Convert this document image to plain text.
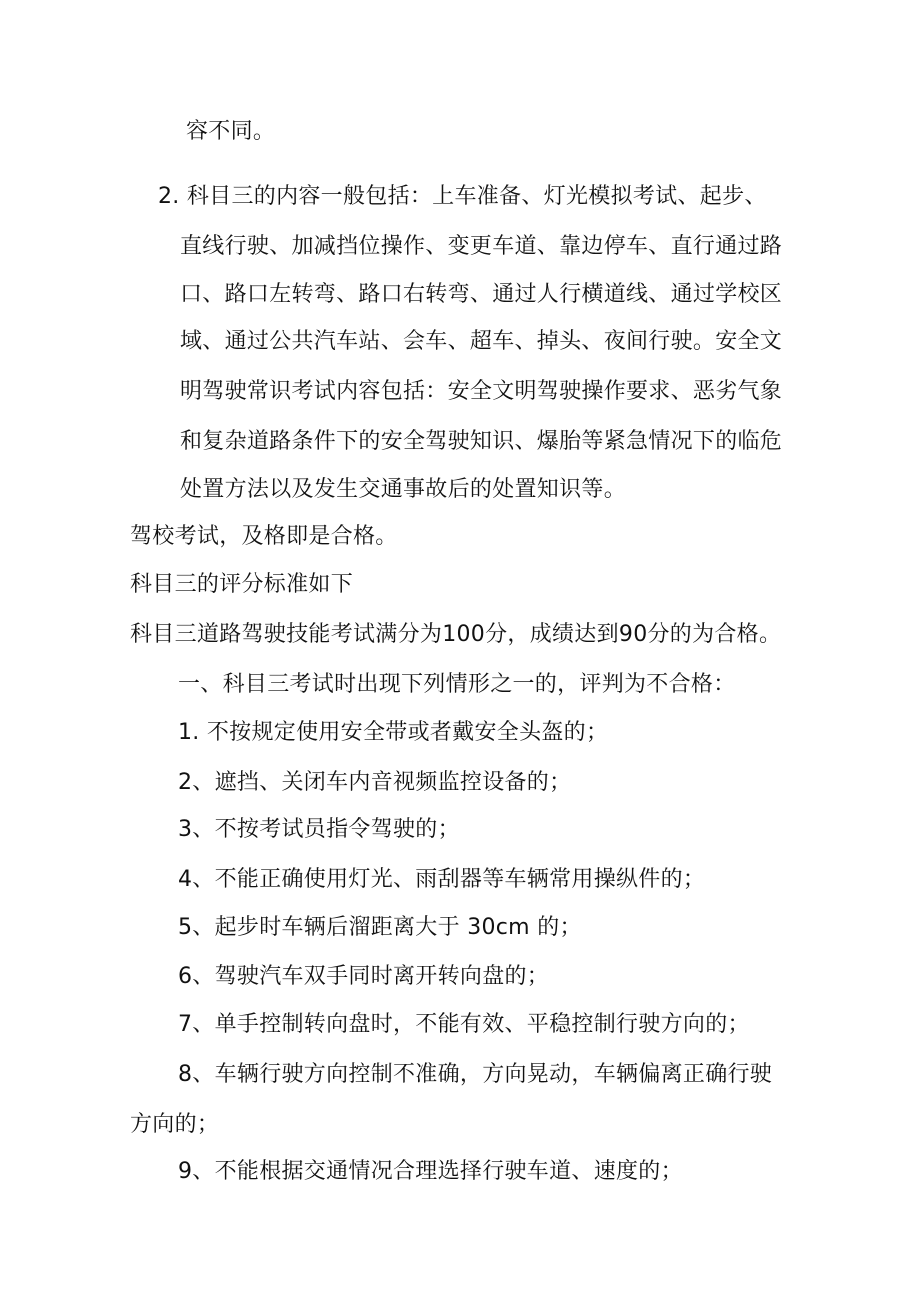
容不同。
2. 科目三的内容一般包括：上车准备、灯光模拟考试、起步、
直线行驶、加减挡位操作、变更车道、靠边停车、直行通过路
口、路口左转弯、路口右转弯、通过人行横道线、通过学校区
域、通过公共汽车站、会车、超车、掉头、夜间行驶。安全文
明驾驶常识考试内容包括：安全文明驾驶操作要求、恶劣气象
和复杂道路条件下的安全驾驶知识、爆胎等紧急情况下的临危
处置方法以及发生交通事故后的处置知识等。
驾校考试，及格即是合格。
科目三的评分标准如下
科目三道路驾驶技能考试满分为100分，成绩达到90分的为合格。
一、科目三考试时出现下列情形之一的，评判为不合格：
1. 不按规定使用安全带或者戴安全头盔的；
2、遮挡、关闭车内音视频监控设备的；
3、不按考试员指令驾驶的；
4、不能正确使用灯光、雨刮器等车辆常用操纵件的；
5、起步时车辆后溜距离大于 30cm 的；
6、驾驶汽车双手同时离开转向盘的；
7、单手控制转向盘时，不能有效、平稳控制行驶方向的；
8、车辆行驶方向控制不准确，方向晃动，车辆偏离正确行驶
方向的；
9、不能根据交通情况合理选择行驶车道、速度的；
